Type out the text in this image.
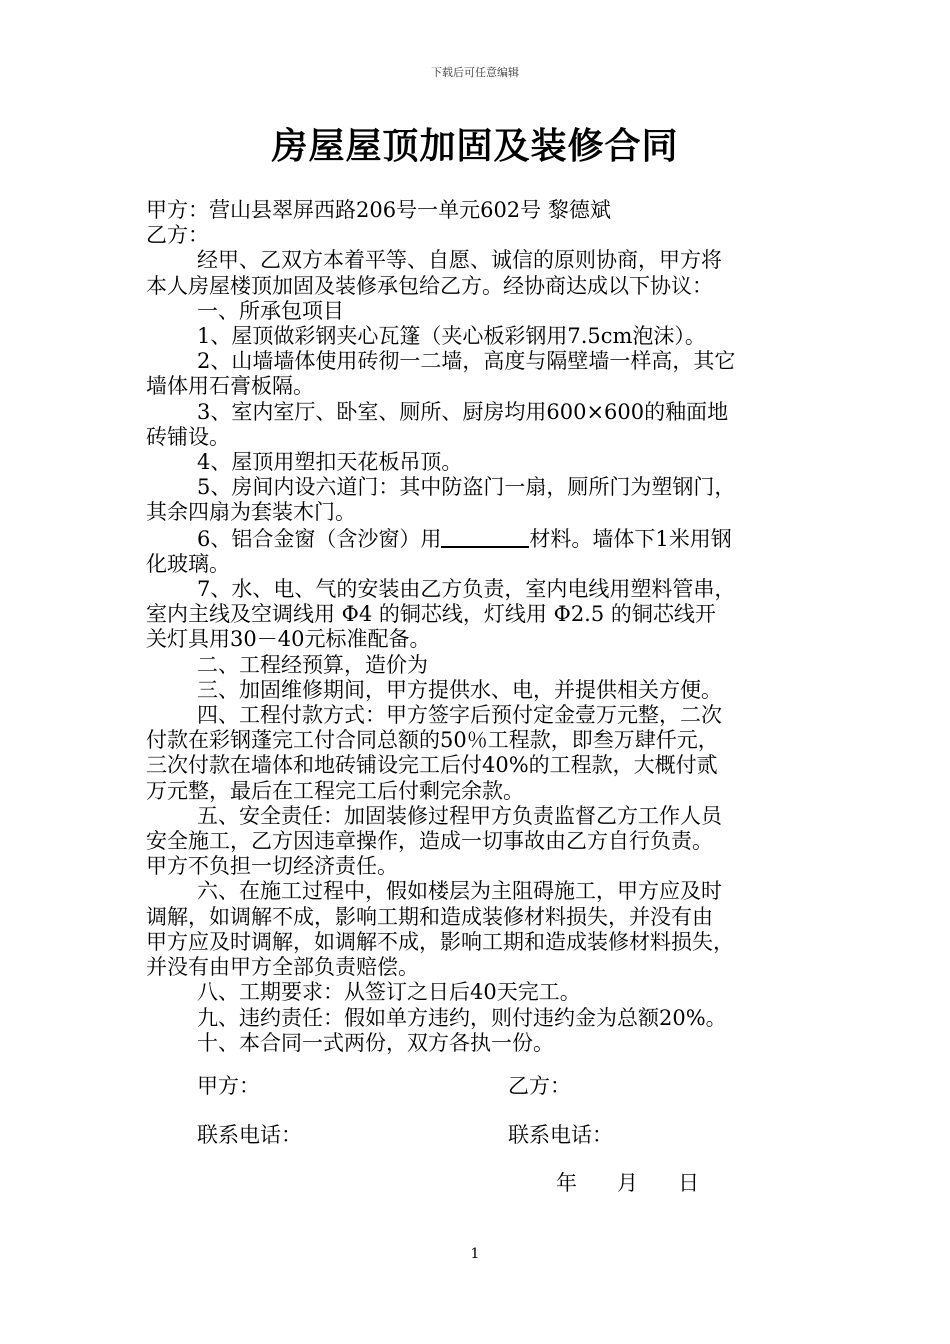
下载后可任意编辑
房屋屋顶加固及装修合同
甲方：营山县翠屏西路206号一单元602号 黎德斌
乙方：
经甲、乙双方本着平等、自愿、诚信的原则协商，甲方将
本人房屋楼顶加固及装修承包给乙方。经协商达成以下协议：
一、所承包项目
1、屋顶做彩钢夹心瓦篷（夹心板彩钢用7.5cm泡沫）。
2、山墙墙体使用砖彻一二墙，高度与隔壁墙一样高，其它
墙体用石膏板隔。
3、室内室厅、卧室、厕所、厨房均用600×600的釉面地
砖铺设。
4、屋顶用塑扣天花板吊顶。
5、房间内设六道门：其中防盗门一扇，厕所门为塑钢门，
其余四扇为套装木门。
6、铝合金窗（含沙窗）用	材料。墙体下1米用钢
化玻璃。
7、水、电、气的安装由乙方负责，室内电线用塑料管串，
室内主线及空调线用 Φ4 的铜芯线，灯线用 Φ2.5 的铜芯线开
关灯具用30－40元标准配备。
二、工程经预算，造价为
三、加固维修期间，甲方提供水、电，并提供相关方便。
四、工程付款方式：甲方签字后预付定金壹万元整，二次
付款在彩钢蓬完工付合同总额的50％工程款，即叁万肆仟元，
三次付款在墙体和地砖铺设完工后付40%的工程款，大概付贰
万元整，最后在工程完工后付剩完余款。
五、安全责任：加固装修过程甲方负责监督乙方工作人员
安全施工，乙方因违章操作，造成一切事故由乙方自行负责。
甲方不负担一切经济责任。
六、在施工过程中，假如楼层为主阻碍施工，甲方应及时
调解，如调解不成，影响工期和造成装修材料损失，并没有由
甲方应及时调解，如调解不成，影响工期和造成装修材料损失，
并没有由甲方全部负责赔偿。
八、工期要求：从签订之日后40天完工。
九、违约责任：假如单方违约，则付违约金为总额20%。
十、本合同一式两份，双方各执一份。
甲方：	乙方：
联系电话：	联系电话：
年      月      日
1
